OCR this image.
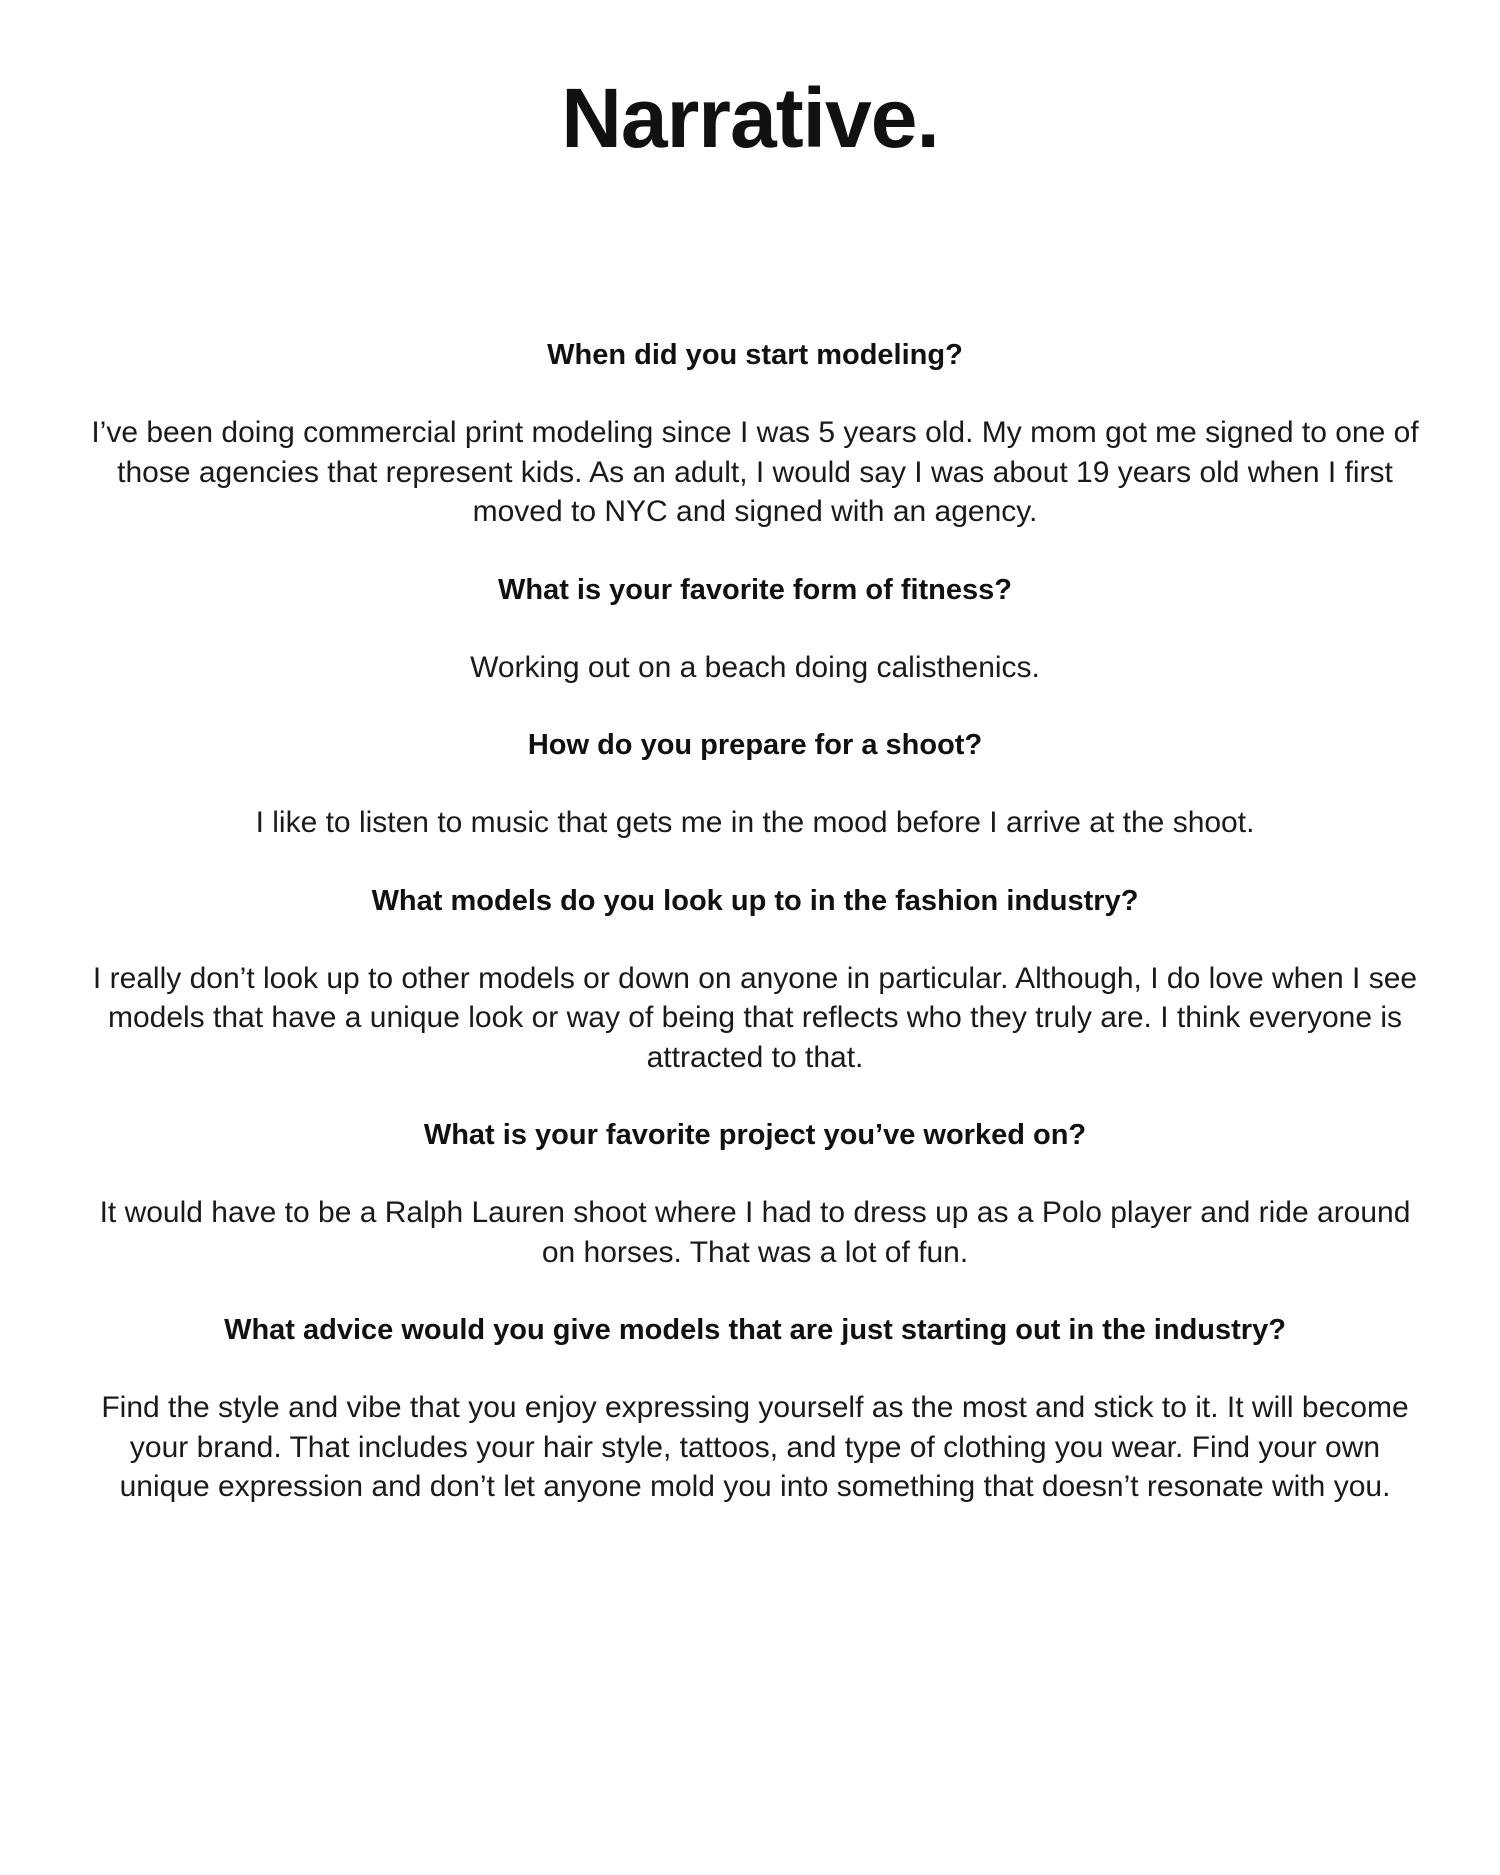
Narrative.

When did you start modeling?

I’ve been doing commercial print modeling since I was 5 years old. My mom got me signed to one of those agencies that represent kids. As an adult, I would say I was about 19 years old when I first moved to NYC and signed with an agency.

What is your favorite form of fitness?

Working out on a beach doing calisthenics.

How do you prepare for a shoot?

I like to listen to music that gets me in the mood before I arrive at the shoot.

What models do you look up to in the fashion industry?

I really don’t look up to other models or down on anyone in particular. Although, I do love when I see models that have a unique look or way of being that reflects who they truly are. I think everyone is attracted to that.

What is your favorite project you’ve worked on?

It would have to be a Ralph Lauren shoot where I had to dress up as a Polo player and ride around on horses. That was a lot of fun.

What advice would you give models that are just starting out in the industry?

Find the style and vibe that you enjoy expressing yourself as the most and stick to it. It will become your brand. That includes your hair style, tattoos, and type of clothing you wear. Find your own unique expression and don’t let anyone mold you into something that doesn’t resonate with you.
